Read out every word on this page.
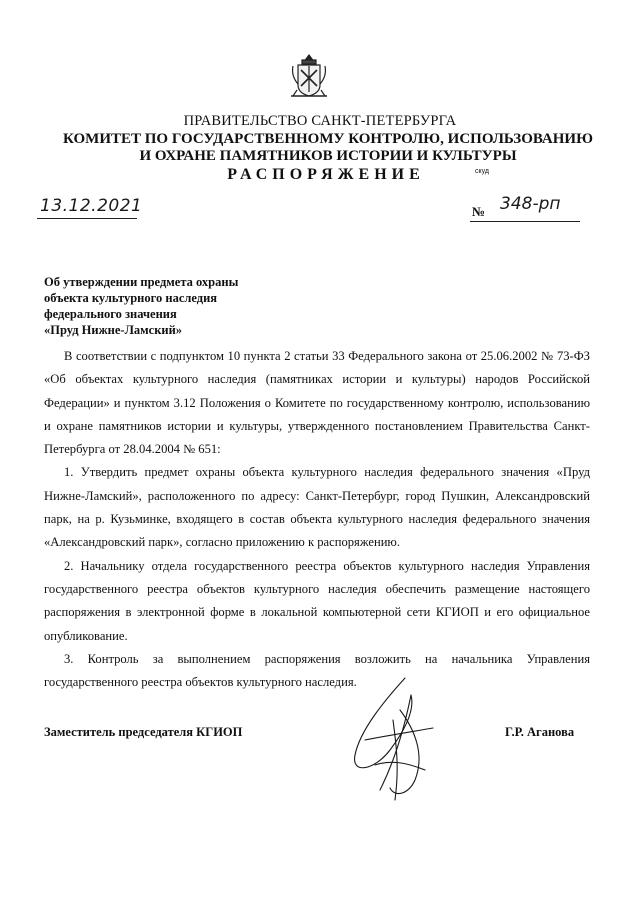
ПРАВИТЕЛЬСТВО САНКТ-ПЕТЕРБУРГА
КОМИТЕТ ПО ГОСУДАРСТВЕННОМУ КОНТРОЛЮ, ИСПОЛЬЗОВАНИЮ
И ОХРАНЕ ПАМЯТНИКОВ ИСТОРИИ И КУЛЬТУРЫ
РАСПОРЯЖЕНИЕ	скуд
13.12.2021	№ 348-рп
Об утверждении предмета охраны
объекта культурного наследия
федерального значения
«Пруд Нижне-Ламский»

В соответствии с подпунктом 10 пункта 2 статьи 33 Федерального закона от 25.06.2002 № 73-ФЗ «Об объектах культурного наследия (памятниках истории и культуры) народов Российской Федерации» и пунктом 3.12 Положения о Комитете по государственному контролю, использованию и охране памятников истории и культуры, утвержденного постановлением Правительства Санкт-Петербурга от 28.04.2004 № 651:

1. Утвердить предмет охраны объекта культурного наследия федерального значения «Пруд Нижне-Ламский», расположенного по адресу: Санкт-Петербург, город Пушкин, Александровский парк, на р. Кузьминке, входящего в состав объекта культурного наследия федерального значения «Александровский парк», согласно приложению к распоряжению.

2. Начальнику отдела государственного реестра объектов культурного наследия Управления государственного реестра объектов культурного наследия обеспечить размещение настоящего распоряжения в электронной форме в локальной компьютерной сети КГИОП и его официальное опубликование.

3. Контроль за выполнением распоряжения возложить на начальника Управления государственного реестра объектов культурного наследия.

Заместитель председателя КГИОП	Г.Р. Аганова
